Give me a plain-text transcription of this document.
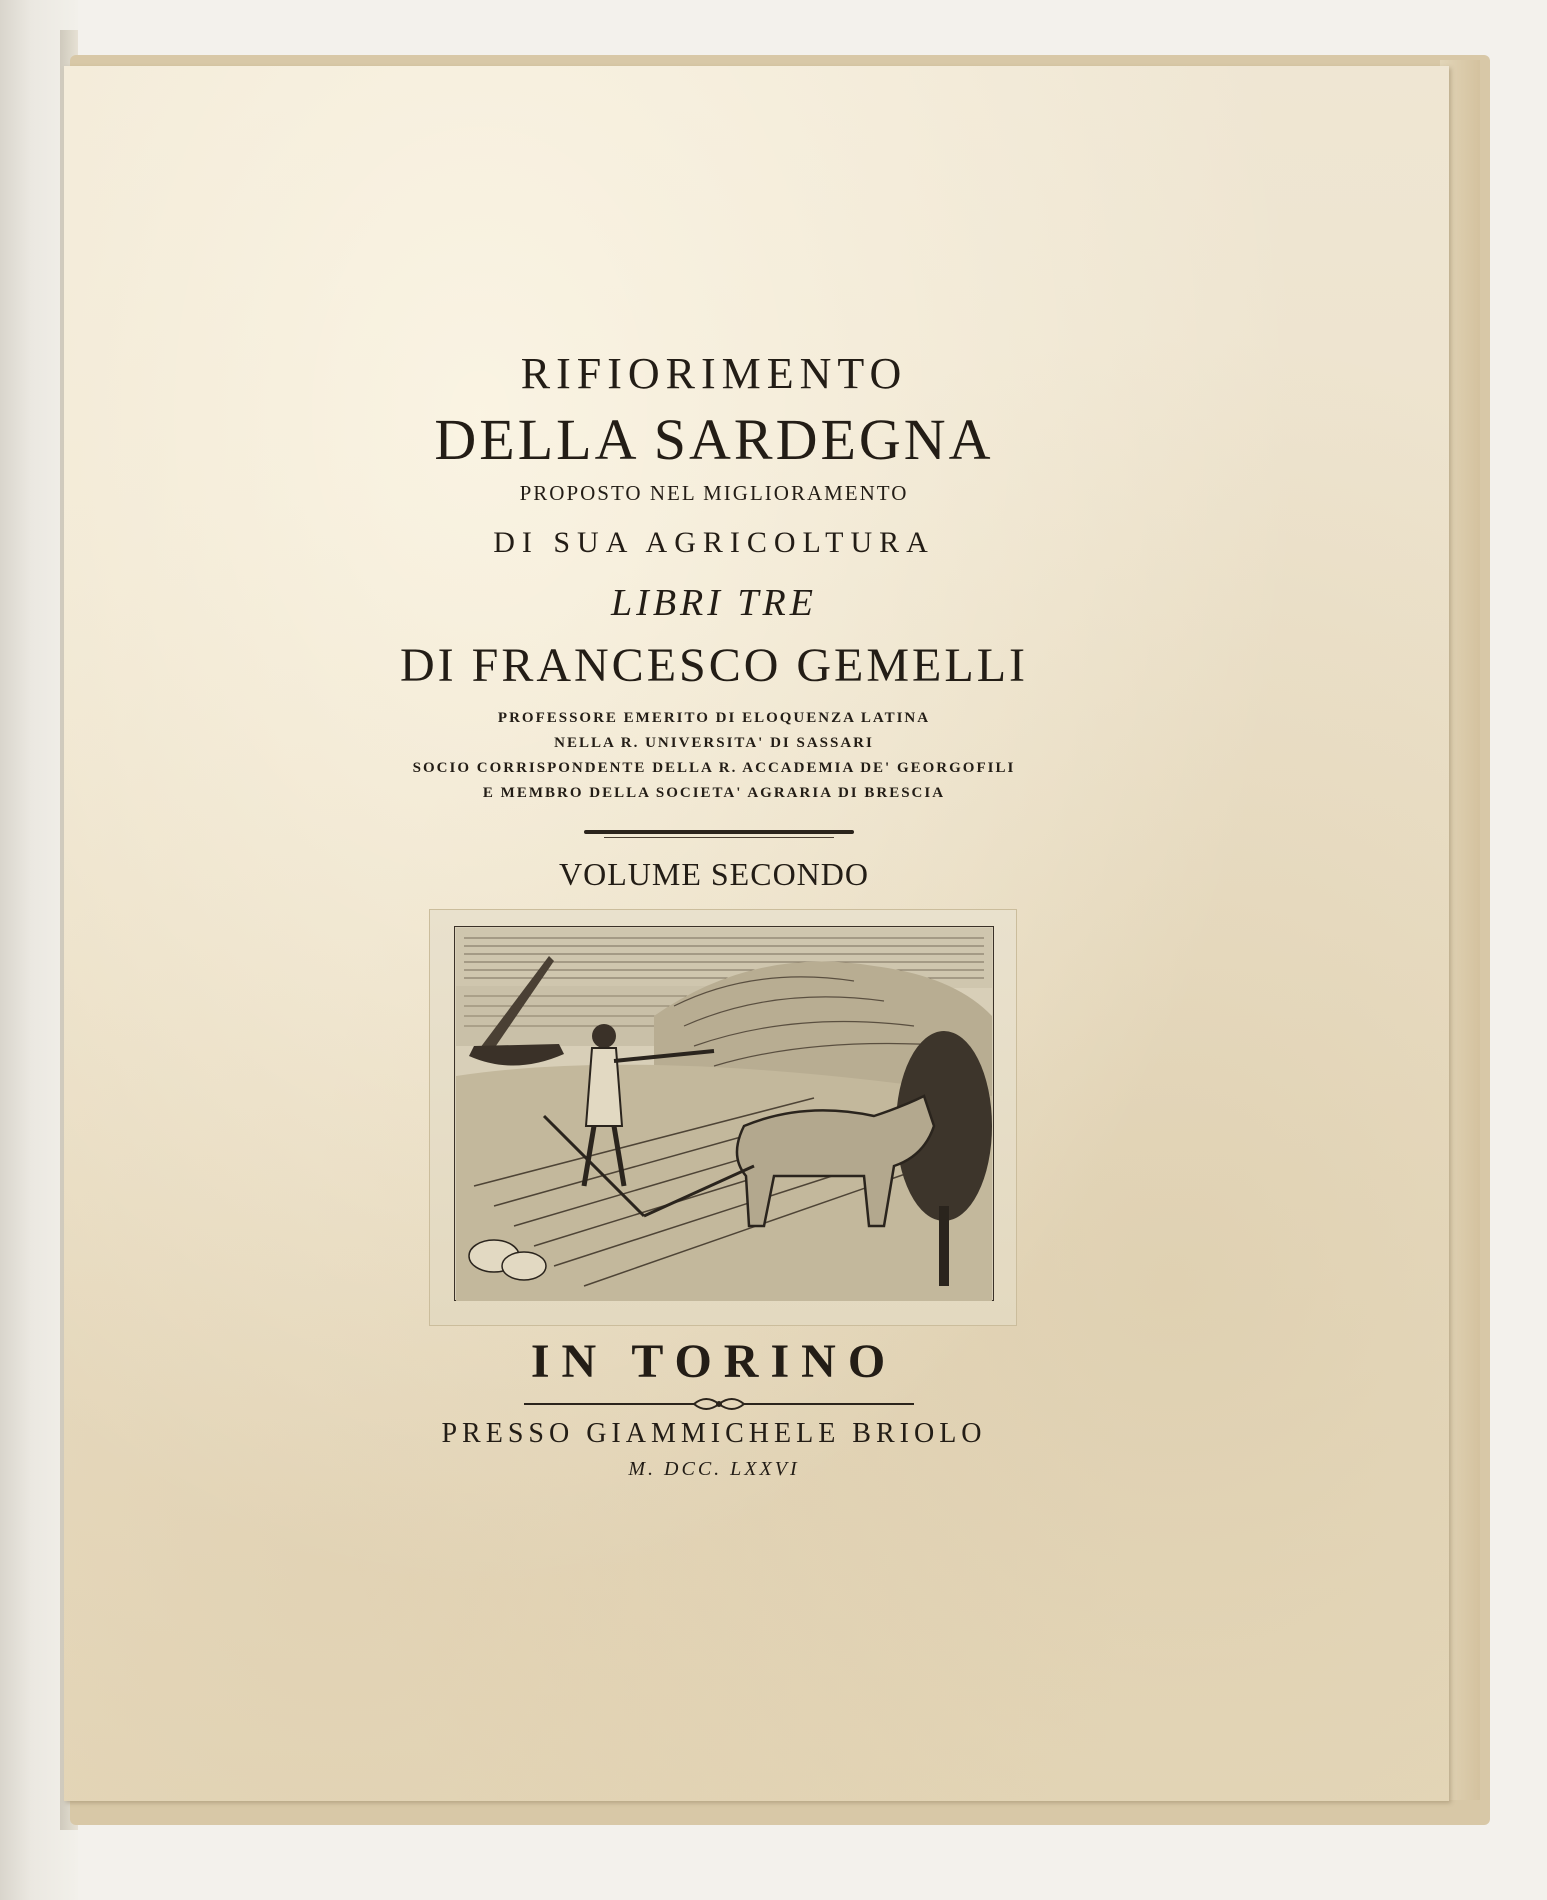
RIFIORIMENTO
DELLA SARDEGNA
PROPOSTO NEL MIGLIORAMENTO
DI SUA AGRICOLTURA
LIBRI TRE
DI FRANCESCO GEMELLI
PROFESSORE EMERITO DI ELOQUENZA LATINA
NELLA R. UNIVERSITA' DI SASSARI
SOCIO CORRISPONDENTE DELLA R. ACCADEMIA DE' GEORGOFILI
E MEMBRO DELLA SOCIETA' AGRARIA DI BRESCIA
VOLUME SECONDO
IN TORINO
PRESSO GIAMMICHELE BRIOLO
M. DCC. LXXVI
